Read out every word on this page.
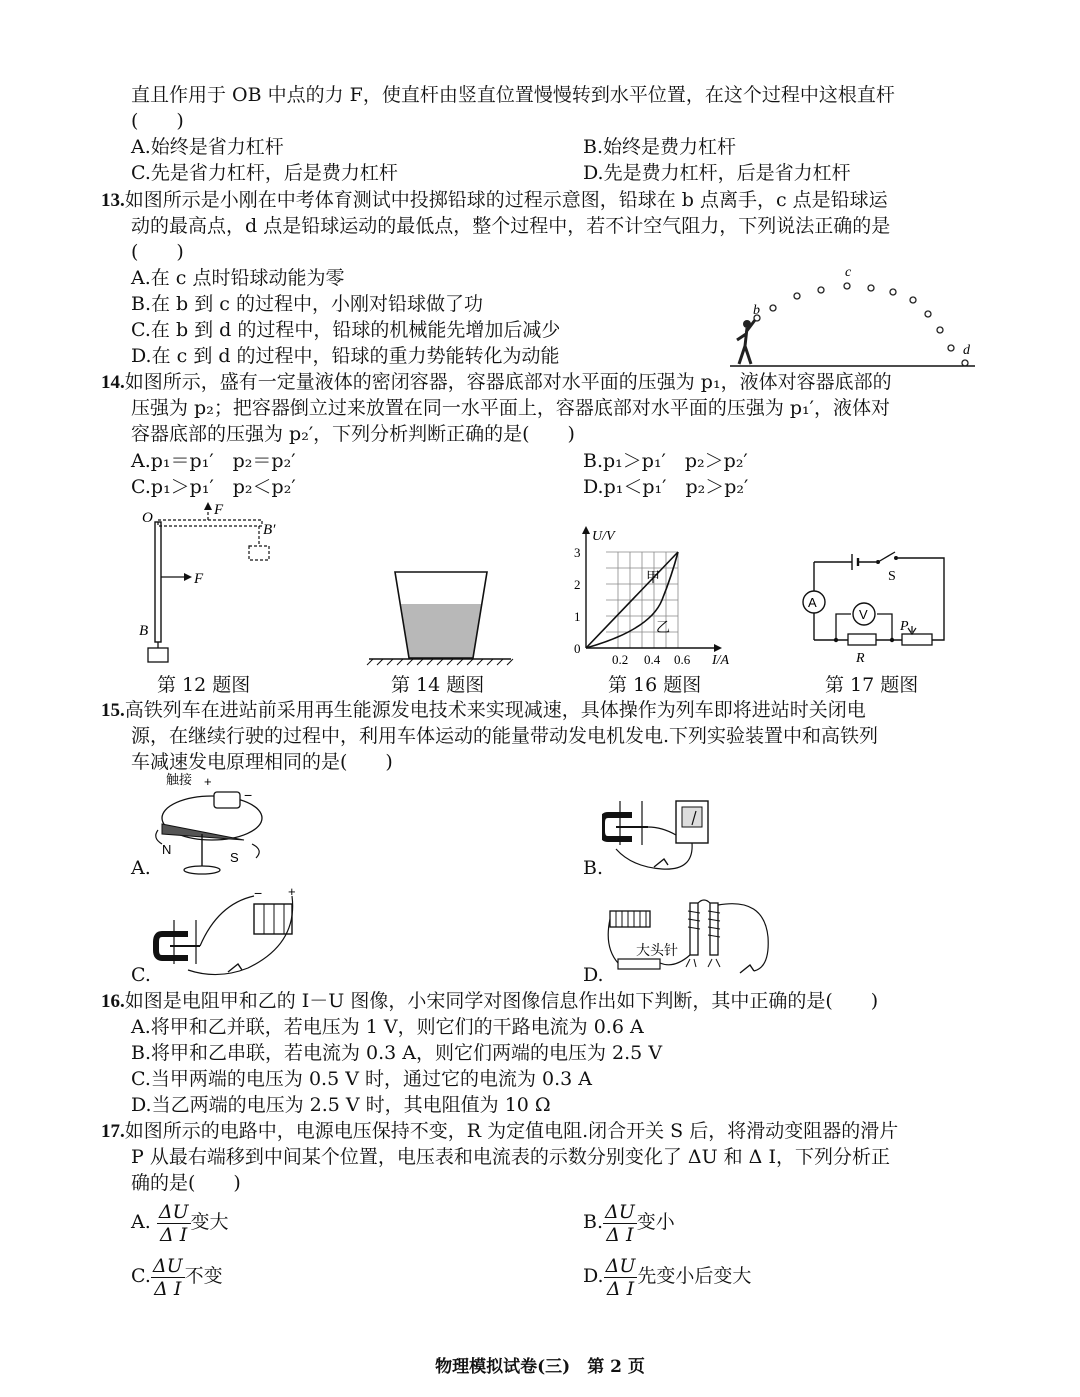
直且作用于 OB 中点的力 F，使直杆由竖直位置慢慢转到水平位置，在这个过程中这根直杆
(　　)
A.始终是省力杠杆	B.始终是费力杠杆
C.先是省力杠杆，后是费力杠杆	D.先是费力杠杆，后是省力杠杆
13.如图所示是小刚在中考体育测试中投掷铅球的过程示意图，铅球在 b 点离手，c 点是铅球运
动的最高点，d 点是铅球运动的最低点，整个过程中，若不计空气阻力，下列说法正确的是
(　　)
A.在 c 点时铅球动能为零
B.在 b 到 c 的过程中，小刚对铅球做了功
C.在 b 到 d 的过程中，铅球的机械能先增加后减少
D.在 c 到 d 的过程中，铅球的重力势能转化为动能
b
c
d
14.如图所示，盛有一定量液体的密闭容器，容器底部对水平面的压强为 p₁，液体对容器底部的
压强为 p₂；把容器倒立过来放置在同一水平面上，容器底部对水平面的压强为 p₁′，液体对
容器底部的压强为 p₂′，下列分析判断正确的是(　　)
A.p₁＝p₁′　p₂＝p₂′	B.p₁＞p₁′　p₂＞p₂′
C.p₁＞p₁′　p₂＜p₂′	D.p₁＜p₁′　p₂＞p₂′
O	F
B′
F
B
第 12 题图	第 14 题图
U/V
I/A
0
1
2
3
0.2 0.4 0.6
甲
乙
第 16 题图
A
V
S
R
P
第 17 题图
15.高铁列车在进站前采用再生能源发电技术来实现减速，具体操作为列车即将进站时关闭电
源，在继续行驶的过程中，利用车体运动的能量带动发电机发电.下列实验装置中和高铁列
车减速发电原理相同的是(　　)
触接 +
−
N
S
A.	B.
− +
C.
大头针
D.
16.如图是电阻甲和乙的 I－U 图像，小宋同学对图像信息作出如下判断，其中正确的是(　　)
A.将甲和乙并联，若电压为 1 V，则它们的干路电流为 0.6 A
B.将甲和乙串联，若电流为 0.3 A，则它们两端的电压为 2.5 V
C.当甲两端的电压为 0.5 V 时，通过它的电流为 0.3 A
D.当乙两端的电压为 2.5 V 时，其电阻值为 10 Ω
17.如图所示的电路中，电源电压保持不变，R 为定值电阻.闭合开关 S 后，将滑动变阻器的滑片
P 从最右端移到中间某个位置，电压表和电流表的示数分别变化了 ΔU 和 Δ I，下列分析正
确的是(　　)
A. $\frac{\Delta U}{\text{Δ I}}$ 变大	B. $\frac{\Delta U}{\text{Δ I}}$ 变小
C. $\frac{\Delta U}{\text{Δ I}}$ 不变	D. $\frac{\Delta U}{\text{Δ I}}$ 先变小后变大
物理模拟试卷(三)　第 2 页
